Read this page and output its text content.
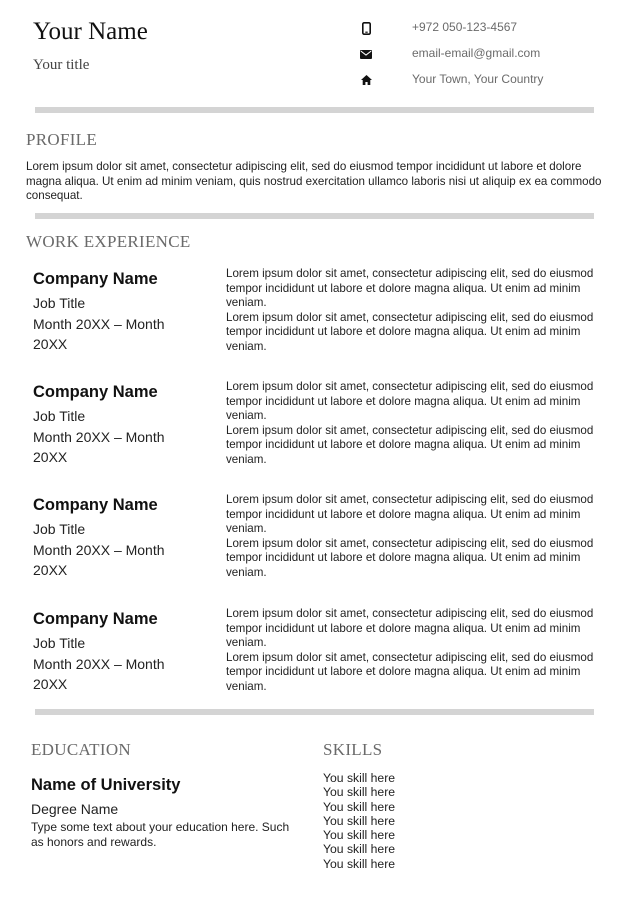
Your Name
Your title
+972 050-123-4567
email-email@gmail.com
Your Town, Your Country
PROFILE
Lorem ipsum dolor sit amet, consectetur adipiscing elit, sed do eiusmod tempor incididunt ut labore et dolore magna aliqua. Ut enim ad minim veniam, quis nostrud exercitation ullamco laboris nisi ut aliquip ex ea commodo consequat.
WORK EXPERIENCE
Company Name
Job Title
Month 20XX – Month 20XX
Lorem ipsum dolor sit amet, consectetur adipiscing elit, sed do eiusmod tempor incididunt ut labore et dolore magna aliqua. Ut enim ad minim veniam.
Lorem ipsum dolor sit amet, consectetur adipiscing elit, sed do eiusmod tempor incididunt ut labore et dolore magna aliqua. Ut enim ad minim veniam.
Company Name
Job Title
Month 20XX – Month 20XX
Lorem ipsum dolor sit amet, consectetur adipiscing elit, sed do eiusmod tempor incididunt ut labore et dolore magna aliqua. Ut enim ad minim veniam.
Lorem ipsum dolor sit amet, consectetur adipiscing elit, sed do eiusmod tempor incididunt ut labore et dolore magna aliqua. Ut enim ad minim veniam.
Company Name
Job Title
Month 20XX – Month 20XX
Lorem ipsum dolor sit amet, consectetur adipiscing elit, sed do eiusmod tempor incididunt ut labore et dolore magna aliqua. Ut enim ad minim veniam.
Lorem ipsum dolor sit amet, consectetur adipiscing elit, sed do eiusmod tempor incididunt ut labore et dolore magna aliqua. Ut enim ad minim veniam.
Company Name
Job Title
Month 20XX – Month 20XX
Lorem ipsum dolor sit amet, consectetur adipiscing elit, sed do eiusmod tempor incididunt ut labore et dolore magna aliqua. Ut enim ad minim veniam.
Lorem ipsum dolor sit amet, consectetur adipiscing elit, sed do eiusmod tempor incididunt ut labore et dolore magna aliqua. Ut enim ad minim veniam.
EDUCATION
Name of University
Degree Name
Type some text about your education here. Such as honors and rewards.
SKILLS
You skill here
You skill here
You skill here
You skill here
You skill here
You skill here
You skill here
